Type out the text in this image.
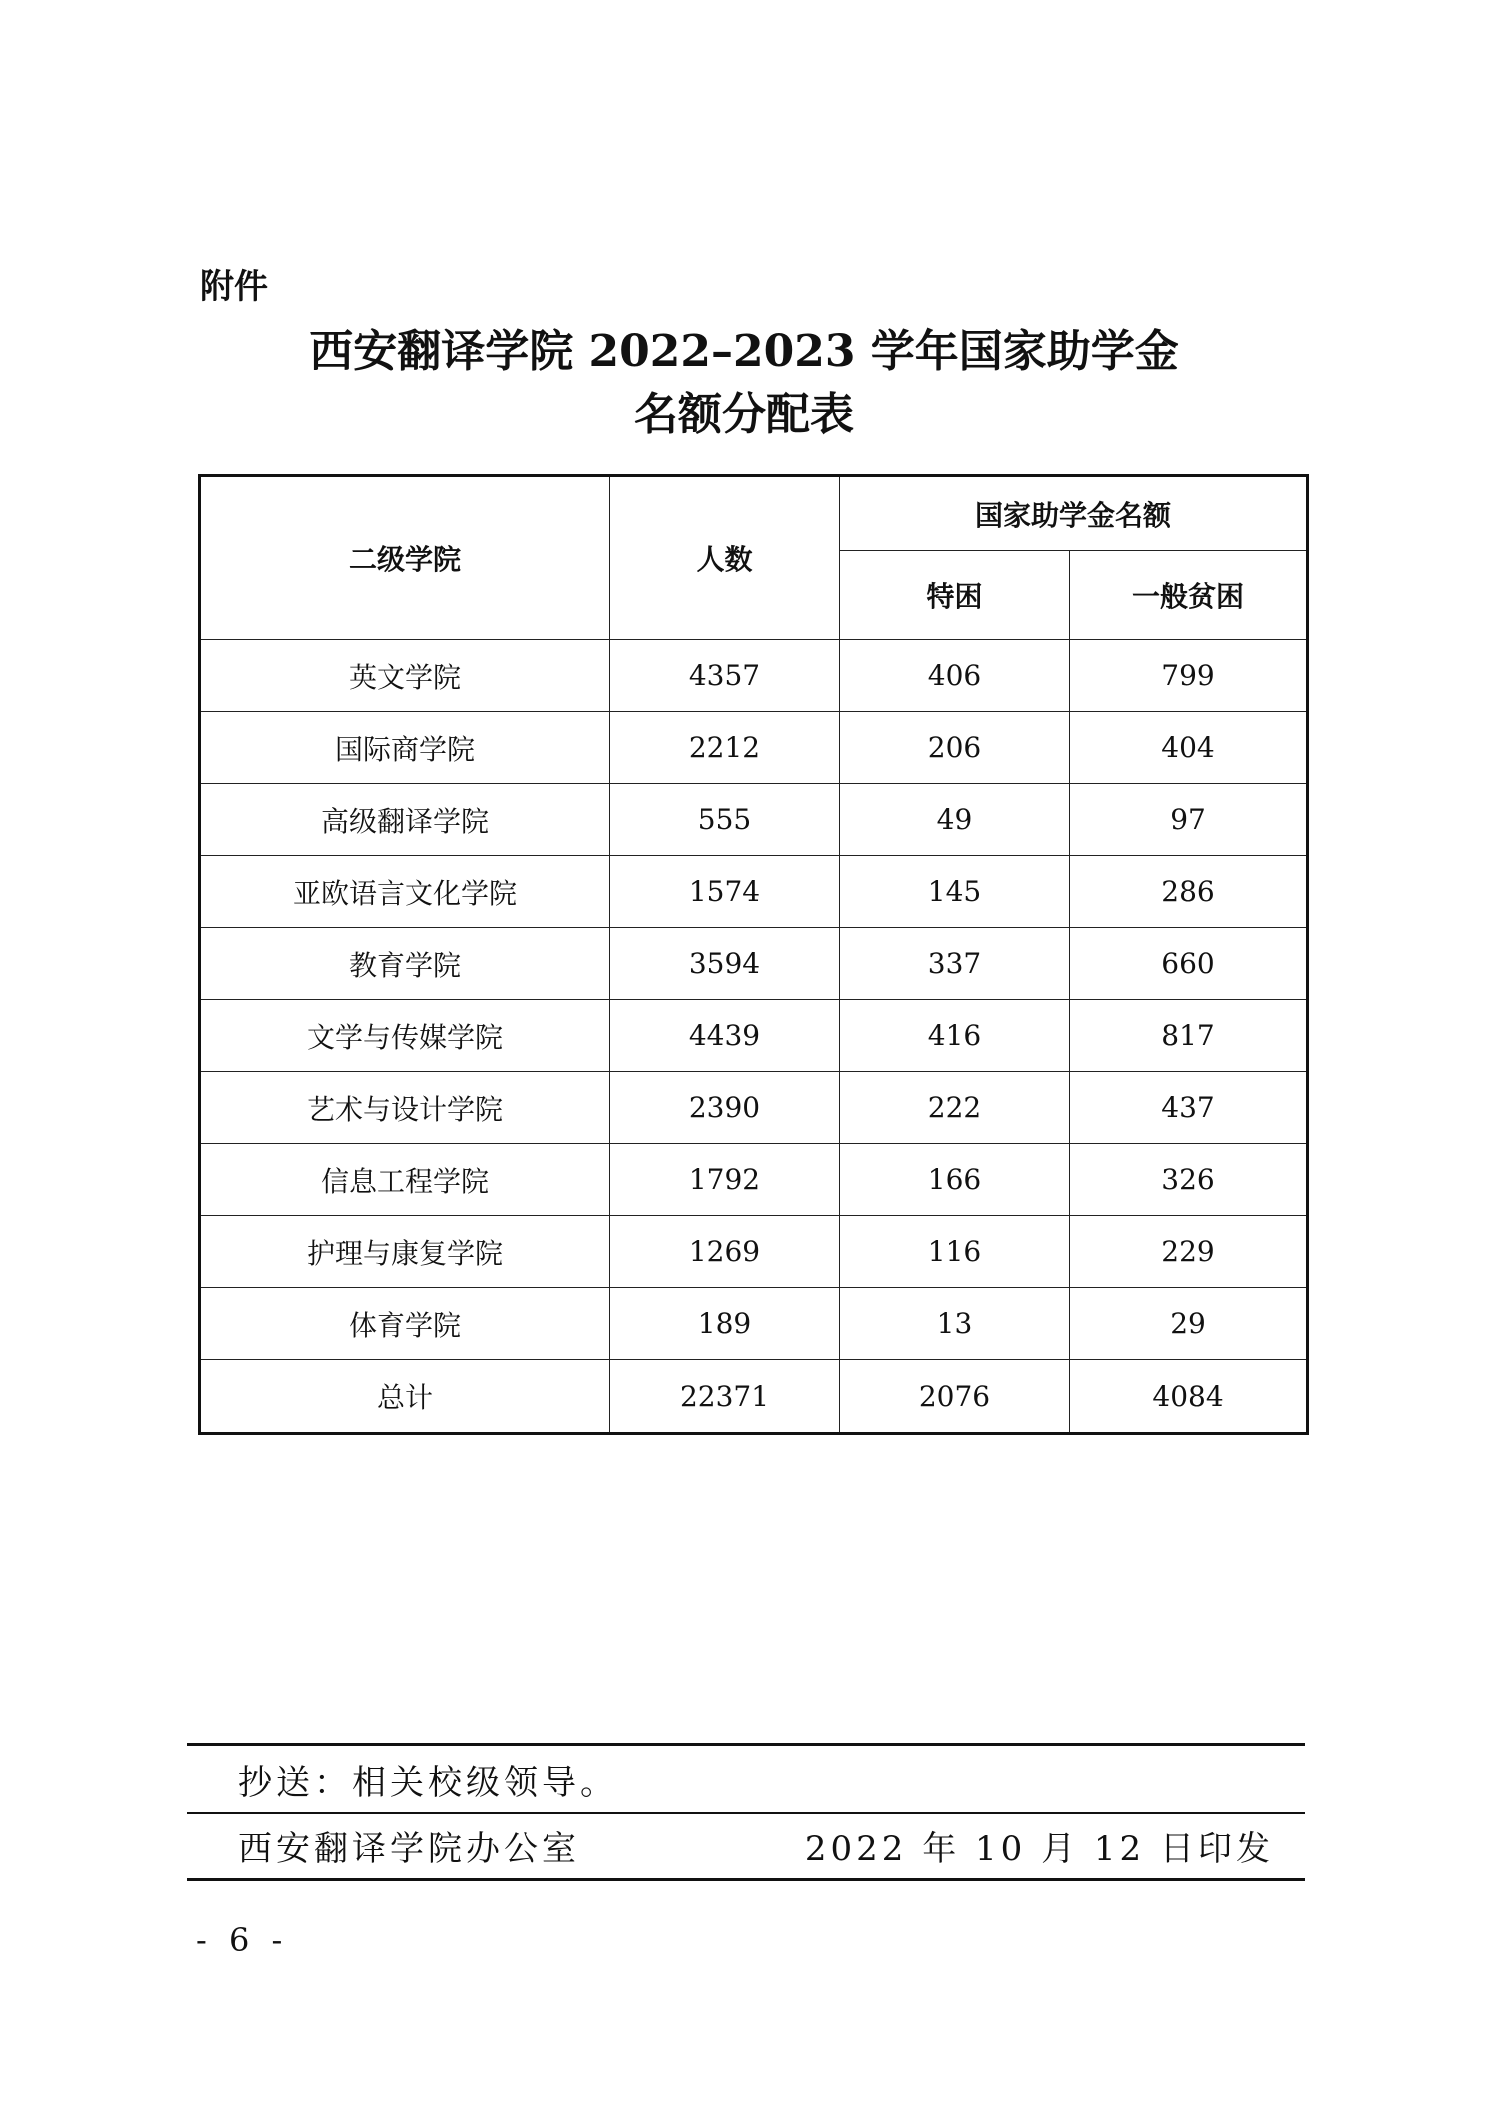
附件
西安翻译学院 2022–2023 学年国家助学金
名额分配表
二级学院	人数	国家助学金名额	
		特困	一般贫困
英文学院	4357	406	799
国际商学院	2212	206	404
高级翻译学院	555	49	97
亚欧语言文化学院	1574	145	286
教育学院	3594	337	660
文学与传媒学院	4439	416	817
艺术与设计学院	2390	222	437
信息工程学院	1792	166	326
护理与康复学院	1269	116	229
体育学院	189	13	29
总计	22371	2076	4084
抄送：相关校级领导。
西安翻译学院办公室	2022 年 10 月 12 日印发
- 6 -
